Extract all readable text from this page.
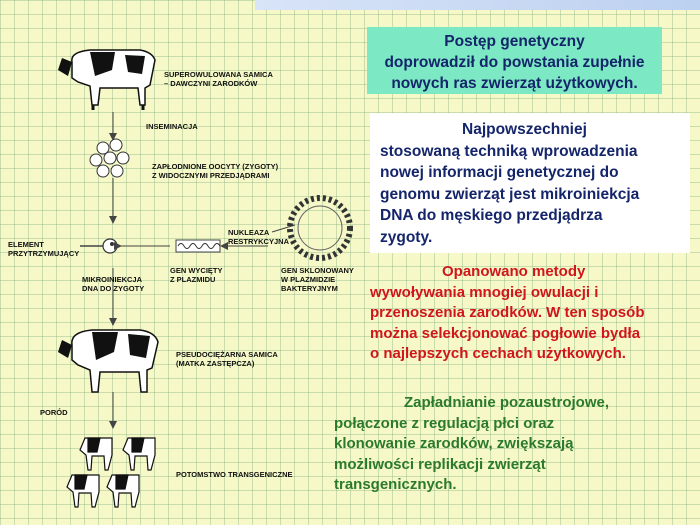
SUPEROWULOWANA SAMICA
– DAWCZYNI ZARODKÓW
INSEMINACJA
ZAPŁODNIONE OOCYTY (ZYGOTY)
Z WIDOCZNYMI PRZEDJĄDRAMI
NUKLEAZA
RESTRYKCYJNA
ELEMENT
PRZYTRZYMUJĄCY
GEN WYCIĘTY
Z PLAZMIDU
GEN SKLONOWANY
W PLAZMIDZIE
BAKTERYJNYM
MIKROINIEKCJA
DNA DO ZYGOTY
PSEUDOCIĘŻARNA SAMICA
(MATKA ZASTĘPCZA)
PORÓD
POTOMSTWO TRANSGENICZNE
Postęp genetyczny
doprowadził do powstania zupełnie
nowych ras zwierząt użytkowych.
Najpowszechniej
stosowaną techniką wprowadzenia
nowej informacji genetycznej do
genomu zwierząt jest mikroiniekcja
DNA do męskiego przedjądrza
zygoty.
Opanowano metody
wywoływania mnogiej owulacji i
przenoszenia zarodków. W ten sposób
można selekcjonować pogłowie bydła
o najlepszych cechach użytkowych.
Zapładnianie pozaustrojowe,
połączone z regulacją płci oraz
klonowanie zarodków, zwiększają
możliwości replikacji zwierząt
transgenicznych.
